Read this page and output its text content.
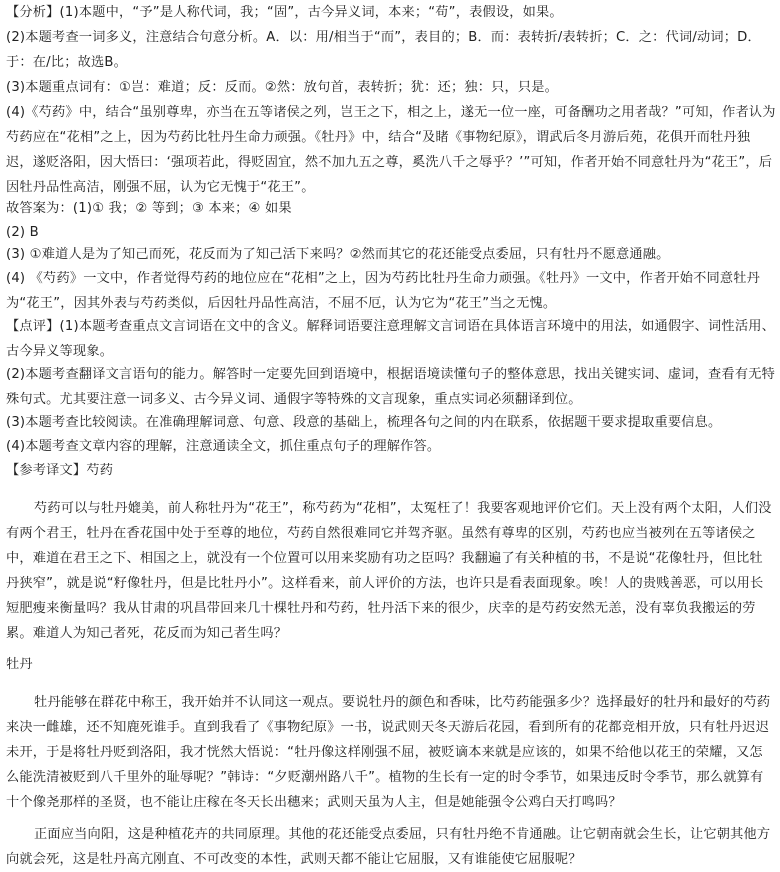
【分析】(1)本题中，“予”是人称代词，我；“固”，古今异义词，本来；“苟”，表假设，如果。
(2)本题考查一词多义，注意结合句意分析。A．以：用/相当于“而”，表目的；B．而：表转折/表转折；C．之：代词/动词；D．于：在/比；故选B。
(3)本题重点词有：①岂：难道；反：反而。②然：放句首，表转折；犹：还；独：只，只是。
(4)《芍药》中，结合“虽别尊卑，亦当在五等诸侯之列，岂王之下，相之上，遂无一位一座，可备酬功之用者哉？”可知，作者认为芍药应在“花相”之上，因为芍药比牡丹生命力顽强。《牡丹》中，结合“及睹《事物纪原》，谓武后冬月游后苑，花俱开而牡丹独迟，遂贬洛阳，因大悟曰：‘强项若此，得贬固宜，然不加九五之尊，奚洗八千之辱乎？’”可知，作者开始不同意牡丹为“花王”，后因牡丹品性高洁，刚强不屈，认为它无愧于“花王”。
故答案为：(1)① 我；② 等到；③ 本来；④ 如果
(2) B
(3) ①难道人是为了知己而死，花反而为了知己活下来吗？②然而其它的花还能受点委屈，只有牡丹不愿意通融。
(4) 《芍药》一文中，作者觉得芍药的地位应在“花相”之上，因为芍药比牡丹生命力顽强。《牡丹》一文中，作者开始不同意牡丹为“花王”，因其外表与芍药类似，后因牡丹品性高洁，不屈不厄，认为它为“花王”当之无愧。
【点评】(1)本题考查重点文言词语在文中的含义。解释词语要注意理解文言词语在具体语言环境中的用法，如通假字、词性活用、古今异义等现象。
(2)本题考查翻译文言语句的能力。解答时一定要先回到语境中，根据语境读懂句子的整体意思，找出关键实词、虚词，查看有无特殊句式。尤其要注意一词多义、古今异义词、通假字等特殊的文言现象，重点实词必须翻译到位。
(3)本题考查比较阅读。在准确理解词意、句意、段意的基础上，梳理各句之间的内在联系，依据题干要求提取重要信息。
(4)本题考查文章内容的理解，注意通读全文，抓住重点句子的理解作答。
【参考译文】芍药
芍药可以与牡丹媲美，前人称牡丹为“花王”，称芍药为“花相”，太冤枉了！我要客观地评价它们。天上没有两个太阳，人们没有两个君王，牡丹在香花国中处于至尊的地位，芍药自然很难同它并驾齐驱。虽然有尊卑的区别，芍药也应当被列在五等诸侯之中，难道在君王之下、相国之上，就没有一个位置可以用来奖励有功之臣吗？我翻遍了有关种植的书，不是说“花像牡丹，但比牡丹狭窄”，就是说“籽像牡丹，但是比牡丹小”。这样看来，前人评价的方法，也许只是看表面现象。唉！人的贵贱善恶，可以用长短肥瘦来衡量吗？我从甘肃的巩昌带回来几十棵牡丹和芍药，牡丹活下来的很少，庆幸的是芍药安然无恙，没有辜负我搬运的劳累。难道人为知己者死，花反而为知己者生吗？
牡丹
牡丹能够在群花中称王，我开始并不认同这一观点。要说牡丹的颜色和香味，比芍药能强多少？选择最好的牡丹和最好的芍药来决一雌雄，还不知鹿死谁手。直到我看了《事物纪原》一书，说武则天冬天游后花园，看到所有的花都竞相开放，只有牡丹迟迟未开，于是将牡丹贬到洛阳，我才恍然大悟说：“牡丹像这样刚强不屈，被贬谪本来就是应该的，如果不给他以花王的荣耀，又怎么能洗清被贬到八千里外的耻辱呢？”韩诗：“夕贬潮州路八千”。植物的生长有一定的时令季节，如果违反时令季节，那么就算有十个像尧那样的圣贤，也不能让庄稼在冬天长出穗来；武则天虽为人主，但是她能强令公鸡白天打鸣吗？
正面应当向阳，这是种植花卉的共同原理。其他的花还能受点委屈，只有牡丹绝不肯通融。让它朝南就会生长，让它朝其他方向就会死，这是牡丹高亢刚直、不可改变的本性，武则天都不能让它屈服，又有谁能使它屈服呢？
